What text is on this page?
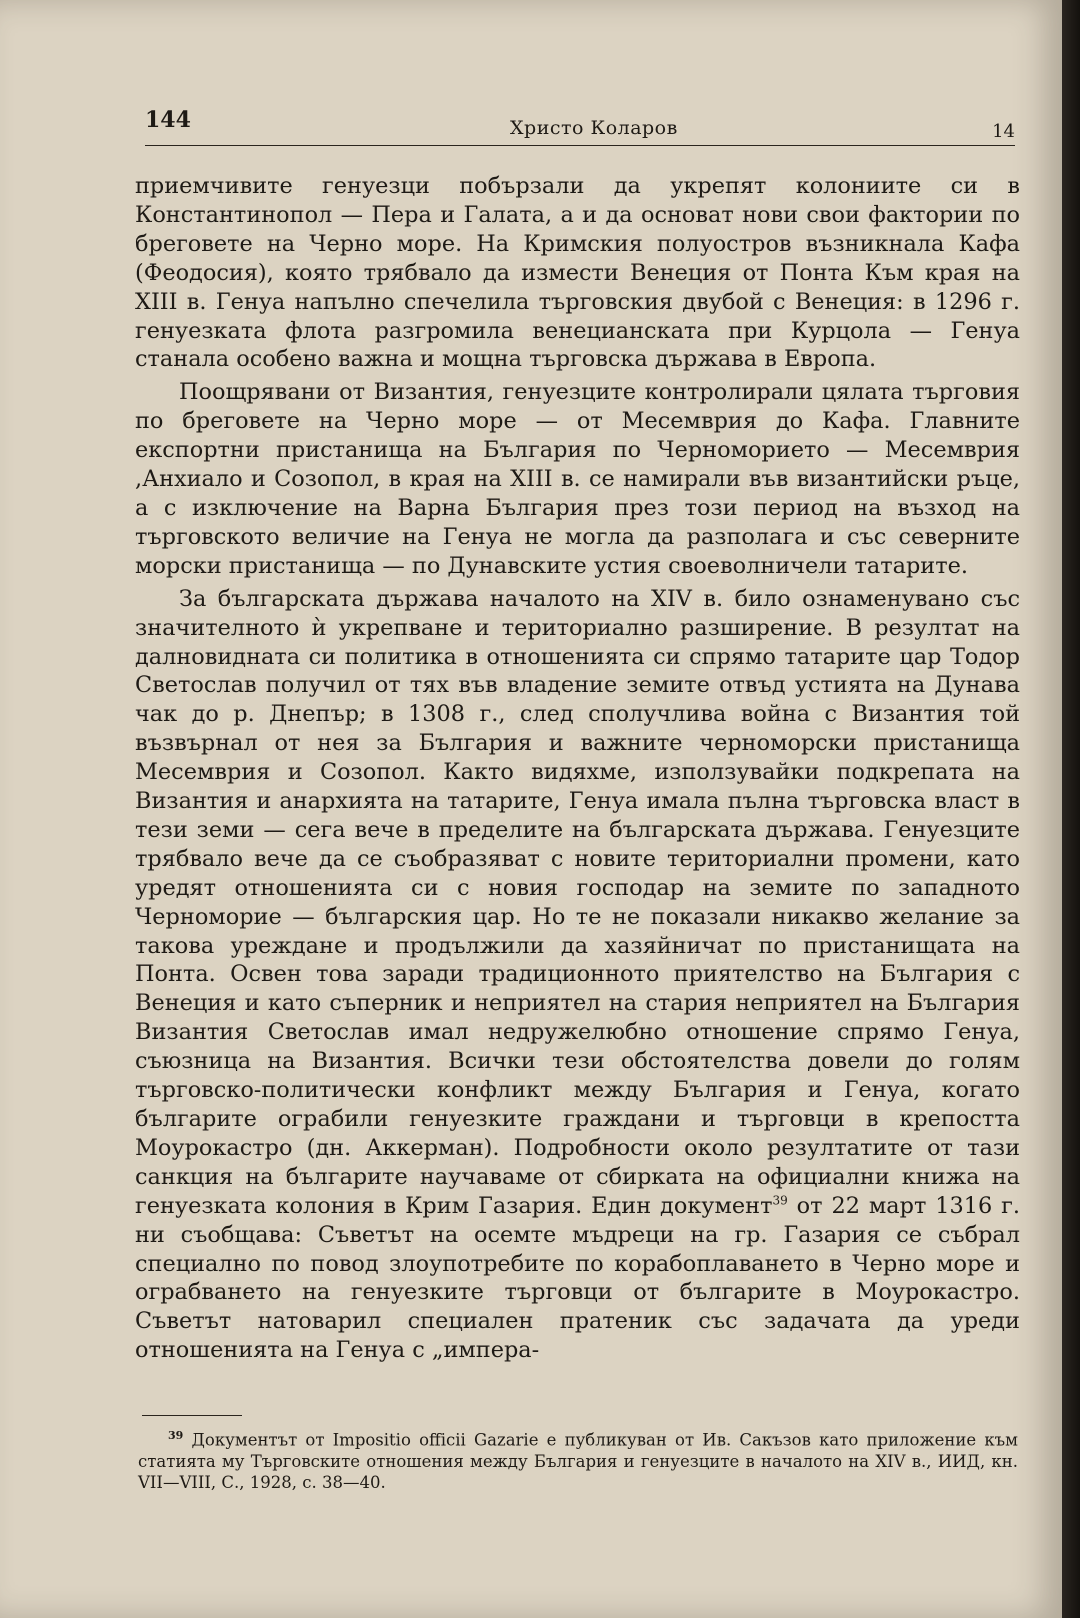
144	Христо Коларов	14

приемчивите генуезци побързали да укрепят колониите си в Константинопол — Пера и Галата, а и да основат нови свои фактории по бреговете на Черно море. На Кримския полуостров възникнала Кафа (Феодосия), която трябвало да измести Венеция от Понта Към края на XIII в. Генуа напълно спечелила търговския двубой с Венеция: в 1296 г. генуезката флота разгромила венецианската при Курцола — Генуа станала особено важна и мощна търговска държава в Европа.

Поощрявани от Византия, генуезците контролирали цялата търговия по бреговете на Черно море — от Месемврия до Кафа. Главните експортни пристанища на България по Черноморието — Месемврия ,Анхиало и Созопол, в края на XIII в. се намирали във византийски ръце, а с изключение на Варна България през този период на възход на търговското величие на Генуа не могла да разполага и със северните морски пристанища — по Дунавските устия своеволничели татарите.

За българската държава началото на XIV в. било ознаменувано със значителното ѝ укрепване и териториално разширение. В резултат на далновидната си политика в отношенията си спрямо татарите цар Тодор Светослав получил от тях във владение земите отвъд устията на Дунава чак до р. Днепър; в 1308 г., след сполучлива война с Византия той възвърнал от нея за България и важните черноморски пристанища Месемврия и Созопол. Както видяхме, използувайки подкрепата на Византия и анархията на татарите, Генуа имала пълна търговска власт в тези земи — сега вече в пределите на българската държава. Генуезците трябвало вече да се съобразяват с новите териториални промени, като уредят отношенията си с новия господар на земите по западното Черноморие — българския цар. Но те не показали никакво желание за такова уреждане и продължили да хазяйничат по пристанищата на Понта. Освен това заради традиционното приятелство на България с Венеция и като съперник и неприятел на стария неприятел на България Византия Светослав имал недружелюбно отношение спрямо Генуа, съюзница на Византия. Всички тези обстоятелства довели до голям търговско-политически конфликт между България и Генуа, когато българите ограбили генуезките граждани и търговци в крепостта Моурокастро (дн. Аккерман). Подробности около резултатите от тази санкция на българите научаваме от сбирката на официални книжа на генуезката колония в Крим Газария. Един документ$^{39}$ от 22 март 1316 г. ни съобщава: Съветът на осемте мъдреци на гр. Газария се събрал специално по повод злоупотребите по корабоплаването в Черно море и ограбването на генуезките търговци от българите в Моурокастро. Съветът натоварил специален пратеник със задачата да уреди отношенията на Генуа с „импера-

$^{39}$ Документът от Impositio officii Gazarie е публикуван от Ив. Сакъзов като приложение към статията му Търговските отношения между България и генуезците в началото на XIV в., ИИД, кн. VII—VIII, С., 1928, с. 38—40.
